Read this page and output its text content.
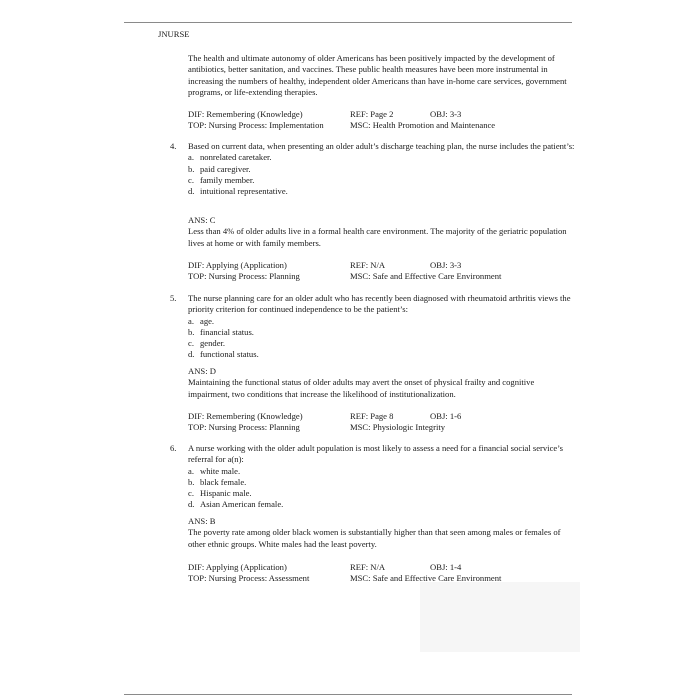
JNURSE

The health and ultimate autonomy of older Americans has been positively impacted by the development of antibiotics, better sanitation, and vaccines. These public health measures have been more instrumental in increasing the numbers of healthy, independent older Americans than have in-home care services, government programs, or life-extending therapies.

DIF: Remembering (Knowledge)	REF: Page 2	OBJ: 3-3
TOP: Nursing Process: Implementation	MSC: Health Promotion and Maintenance
4. Based on current data, when presenting an older adult’s discharge teaching plan, the nurse includes the patient’s:

a. nonrelated caretaker.
b. paid caregiver.
c. family member.
d. intuitional representative.

ANS: C

Less than 4% of older adults live in a formal health care environment. The majority of the geriatric population lives at home or with family members.

DIF: Applying (Application)	REF: N/A	OBJ: 3-3
TOP: Nursing Process: Planning	MSC: Safe and Effective Care Environment
5. The nurse planning care for an older adult who has recently been diagnosed with rheumatoid arthritis views the priority criterion for continued independence to be the patient’s:

a. age.
b. financial status.
c. gender.
d. functional status.

ANS: D

Maintaining the functional status of older adults may avert the onset of physical frailty and cognitive impairment, two conditions that increase the likelihood of institutionalization.

DIF: Remembering (Knowledge)	REF: Page 8	OBJ: 1-6
TOP: Nursing Process: Planning	MSC: Physiologic Integrity
6. A nurse working with the older adult population is most likely to assess a need for a financial social service’s referral for a(n):

a. white male.
b. black female.
c. Hispanic male.
d. Asian American female.

ANS: B

The poverty rate among older black women is substantially higher than that seen among males or females of other ethnic groups. White males had the least poverty.

DIF: Applying (Application)	REF: N/A	OBJ: 1-4
TOP: Nursing Process: Assessment	MSC: Safe and Effective Care Environment
